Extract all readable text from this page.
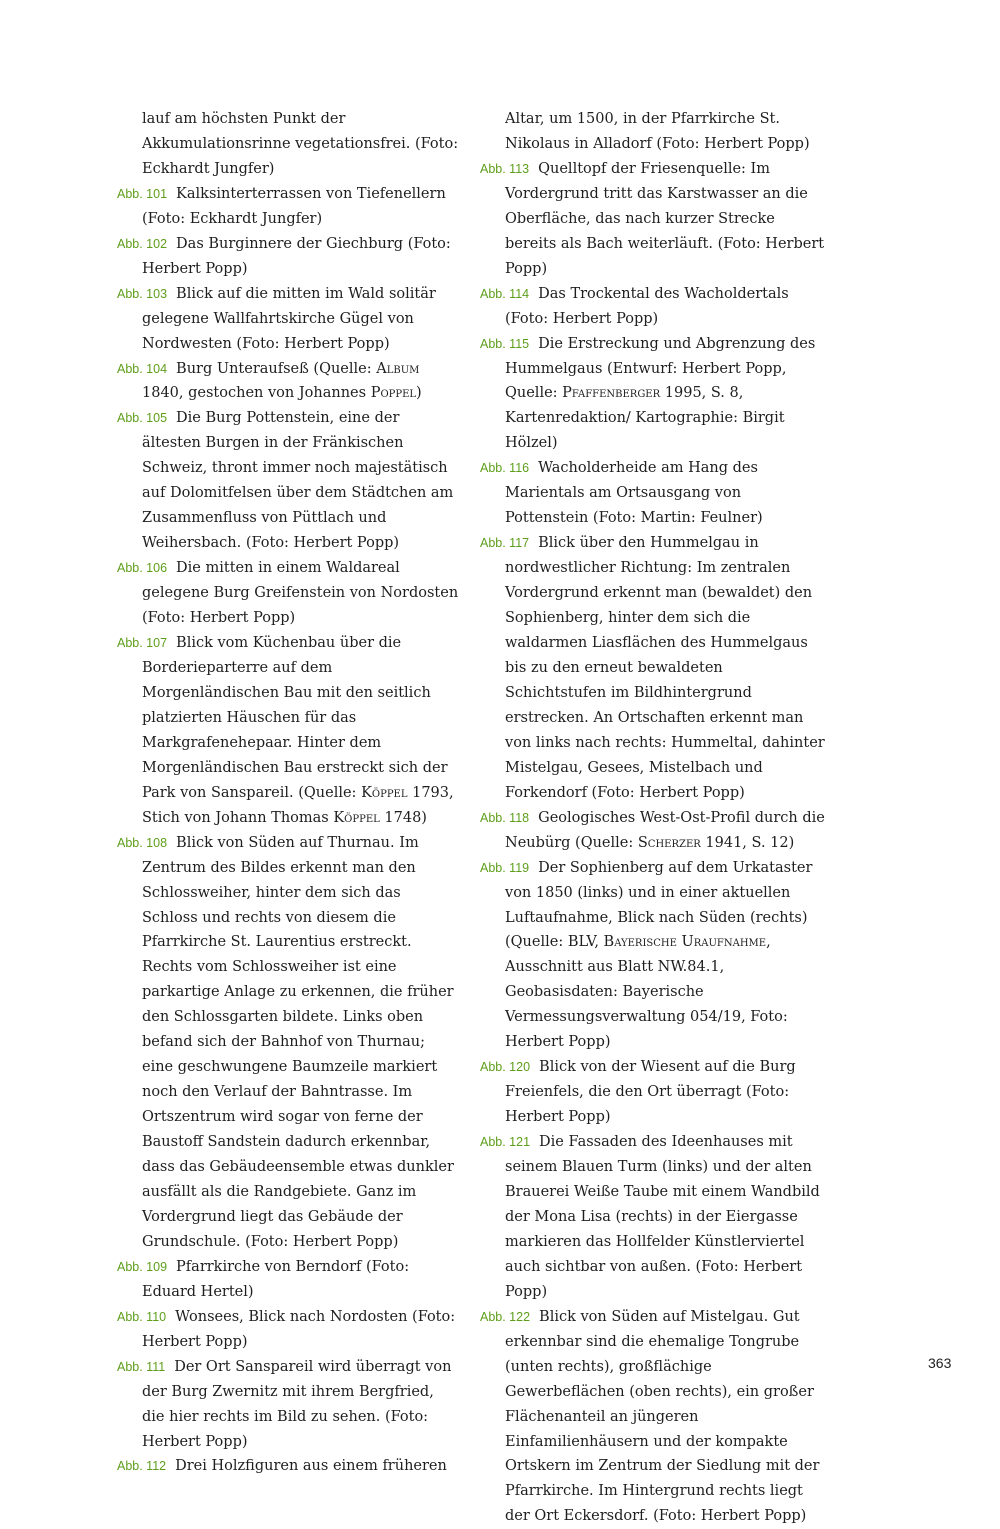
lauf am höchsten Punkt der Akkumulationsrinne vegetationsfrei. (Foto: Eckhardt Jungfer)
Abb. 101 Kalksinterterrassen von Tiefenellern (Foto: Eckhardt Jungfer)
Abb. 102 Das Burginnere der Giechburg (Foto: Herbert Popp)
Abb. 103 Blick auf die mitten im Wald solitär gelegene Wallfahrtskirche Gügel von Nordwesten (Foto: Herbert Popp)
Abb. 104 Burg Unteraufseß (Quelle: Album 1840, gestochen von Johannes Poppel)
Abb. 105 Die Burg Pottenstein, eine der ältesten Burgen in der Fränkischen Schweiz, thront immer noch majestätisch auf Dolomitfelsen über dem Städtchen am Zusammenfluss von Püttlach und Weihersbach. (Foto: Herbert Popp)
Abb. 106 Die mitten in einem Waldareal gelegene Burg Greifenstein von Nordosten (Foto: Herbert Popp)
Abb. 107 Blick vom Küchenbau über die Borderieparterre auf dem Morgenländischen Bau mit den seitlich platzierten Häuschen für das Markgrafenehepaar. Hinter dem Morgenländischen Bau erstreckt sich der Park von Sanspareil. (Quelle: Köppel 1793, Stich von Johann Thomas Köppel 1748)
Abb. 108 Blick von Süden auf Thurnau. Im Zentrum des Bildes erkennt man den Schlossweiher, hinter dem sich das Schloss und rechts von diesem die Pfarrkirche St. Laurentius erstreckt. Rechts vom Schlossweiher ist eine parkartige Anlage zu erkennen, die früher den Schlossgarten bildete. Links oben befand sich der Bahnhof von Thurnau; eine geschwungene Baumzeile markiert noch den Verlauf der Bahntrasse. Im Ortszentrum wird sogar von ferne der Baustoff Sandstein dadurch erkennbar, dass das Gebäudeensemble etwas dunkler ausfällt als die Randgebiete. Ganz im Vordergrund liegt das Gebäude der Grundschule. (Foto: Herbert Popp)
Abb. 109 Pfarrkirche von Berndorf (Foto: Eduard Hertel)
Abb. 110 Wonsees, Blick nach Nordosten (Foto: Herbert Popp)
Abb. 111 Der Ort Sanspareil wird überragt von der Burg Zwernitz mit ihrem Bergfried, die hier rechts im Bild zu sehen. (Foto: Herbert Popp)
Abb. 112 Drei Holzfiguren aus einem früheren
Altar, um 1500, in der Pfarrkirche St. Nikolaus in Alladorf (Foto: Herbert Popp)
Abb. 113 Quelltopf der Friesenquelle: Im Vordergrund tritt das Karstwasser an die Oberfläche, das nach kurzer Strecke bereits als Bach weiterläuft. (Foto: Herbert Popp)
Abb. 114 Das Trockental des Wacholdertals (Foto: Herbert Popp)
Abb. 115 Die Erstreckung und Abgrenzung des Hummelgaus (Entwurf: Herbert Popp, Quelle: Pfaffenberger 1995, S. 8, Kartenredaktion/ Kartographie: Birgit Hölzel)
Abb. 116 Wacholderheide am Hang des Marientals am Ortsausgang von Pottenstein (Foto: Martin: Feulner)
Abb. 117 Blick über den Hummelgau in nordwestlicher Richtung: Im zentralen Vordergrund erkennt man (bewaldet) den Sophienberg, hinter dem sich die waldarmen Liasflächen des Hummelgaus bis zu den erneut bewaldeten Schichtstufen im Bildhintergrund erstrecken. An Ortschaften erkennt man von links nach rechts: Hummeltal, dahinter Mistelgau, Gesees, Mistelbach und Forkendorf (Foto: Herbert Popp)
Abb. 118 Geologisches West-Ost-Profil durch die Neubürg (Quelle: Scherzer 1941, S. 12)
Abb. 119 Der Sophienberg auf dem Urkataster von 1850 (links) und in einer aktuellen Luftaufnahme, Blick nach Süden (rechts) (Quelle: BLV, Bayerische Uraufnahme, Ausschnitt aus Blatt NW.84.1, Geobasisdaten: Bayerische Vermessungsverwaltung 054/19, Foto: Herbert Popp)
Abb. 120 Blick von der Wiesent auf die Burg Freienfels, die den Ort überragt (Foto: Herbert Popp)
Abb. 121 Die Fassaden des Ideenhauses mit seinem Blauen Turm (links) und der alten Brauerei Weiße Taube mit einem Wandbild der Mona Lisa (rechts) in der Eiergasse markieren das Hollfelder Künstlerviertel auch sichtbar von außen. (Foto: Herbert Popp)
Abb. 122 Blick von Süden auf Mistelgau. Gut erkennbar sind die ehemalige Tongrube (unten rechts), großflächige Gewerbeflächen (oben rechts), ein großer Flächenanteil an jüngeren Einfamilienhäusern und der kompakte Ortskern im Zentrum der Siedlung mit der Pfarrkirche. Im Hintergrund rechts liegt der Ort Eckersdorf. (Foto: Herbert Popp)
363
